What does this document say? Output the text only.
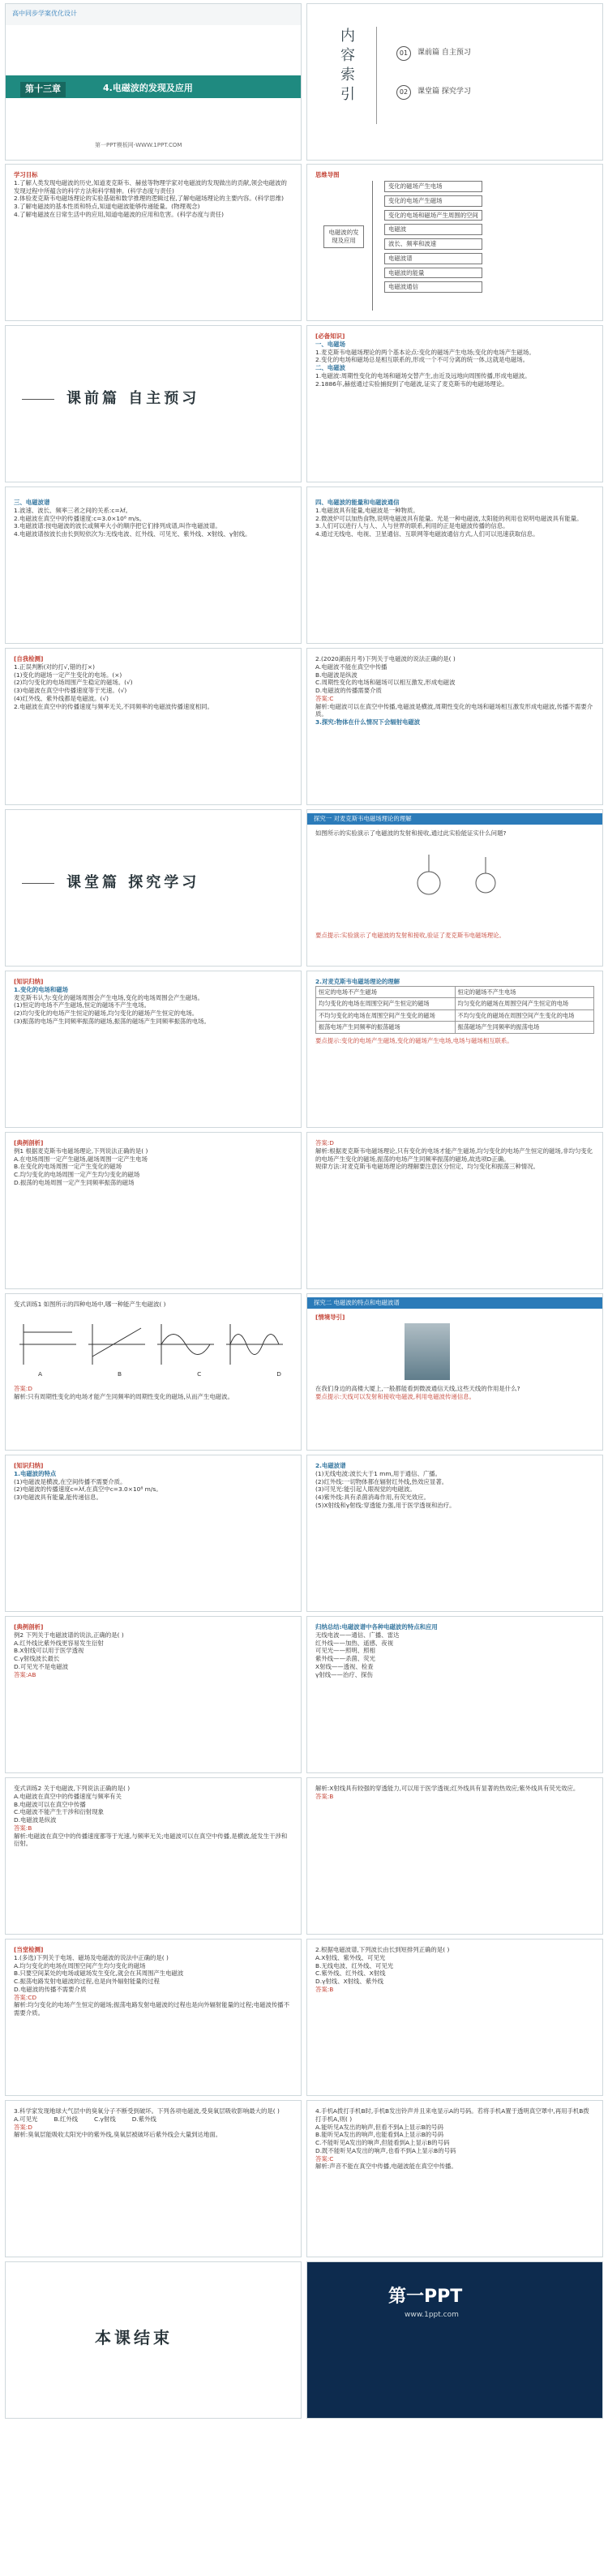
高中同步学案优化设计
第十三章	4.电磁波的发现及应用
第一PPT模板网-WWW.1PPT.COM
内
容
索
引
01	课前篇 自主预习
02	课堂篇 探究学习
学习目标
1.了解人类发现电磁波的历史,知道麦克斯韦、赫兹等物理学家对电磁波的发现做出的贡献,领会电磁波的发现过程中所蕴含的科学方法和科学精神。(科学态度与责任)
2.体验麦克斯韦电磁场理论的实验基础和数学推理的逻辑过程,了解电磁场理论的主要内容。(科学思维)
3.了解电磁波的基本性质和特点,知道电磁波能够传递能量。(物理观念)
4.了解电磁波在日常生活中的应用,知道电磁波的应用和危害。(科学态度与责任)
思维导图
电磁波的发现及应用
变化的磁场产生电场
变化的电场产生磁场
变化的电场和磁场产生周围的空间
电磁波
波长、频率和波速
电磁波谱
电磁波的能量
电磁波通信
课前篇 自主预习
[必备知识]
一、电磁场
1.麦克斯韦电磁场理论的两个基本论点:变化的磁场产生电场;变化的电场产生磁场。
2.变化的电场和磁场总是相互联系的,形成一个不可分离的统一体,这就是电磁场。
二、电磁波
1.电磁波:周期性变化的电场和磁场交替产生,由近及远地向周围传播,形成电磁波。
2.1886年,赫兹通过实验捕捉到了电磁波,证实了麦克斯韦的电磁场理论。
三、电磁波谱
1.波速、波长、频率三者之间的关系:c=λf。
2.电磁波在真空中的传播速度:c=3.0×10⁸ m/s。
3.电磁波谱:按电磁波的波长或频率大小的顺序把它们排列成谱,叫作电磁波谱。
4.电磁波谱按波长由长到短依次为:无线电波、红外线、可见光、紫外线、X射线、γ射线。
四、电磁波的能量和电磁波通信
1.电磁波具有能量,电磁波是一种物质。
2.微波炉可以加热食物,说明电磁波具有能量。光是一种电磁波,太阳能的利用也说明电磁波具有能量。
3.人们可以进行人与人、人与世界的联系,利用的正是电磁波传播的信息。
4.通过无线电、电视、卫星通信、互联网等电磁波通信方式,人们可以迅速获取信息。
[自我检测]
1.正误判断(对的打√,错的打×)
(1)变化的磁场一定产生变化的电场。(×)
(2)均匀变化的电场周围产生稳定的磁场。(√)
(3)电磁波在真空中传播速度等于光速。(√)
(4)红外线、紫外线都是电磁波。(√)
2.电磁波在真空中的传播速度与频率无关,不同频率的电磁波传播速度相同。
2.(2020湖南月考)下列关于电磁波的说法正确的是( )
A.电磁波不能在真空中传播
B.电磁波是纵波
C.周期性变化的电场和磁场可以相互激发,形成电磁波
D.电磁波的传播需要介质
答案:C
解析:电磁波可以在真空中传播,电磁波是横波,周期性变化的电场和磁场相互激发形成电磁波,传播不需要介质。
3.探究:物体在什么情况下会辐射电磁波
课堂篇 探究学习
探究一 对麦克斯韦电磁场理论的理解
如图所示的实验演示了电磁波的发射和接收,通过此实验能证实什么问题?
要点提示:实验演示了电磁波的发射和接收,验证了麦克斯韦电磁场理论。
[知识归纳]
1.变化的电场和磁场
麦克斯韦认为:变化的磁场周围会产生电场,变化的电场周围会产生磁场。
(1)恒定的电场不产生磁场,恒定的磁场不产生电场。
(2)均匀变化的电场产生恒定的磁场,均匀变化的磁场产生恒定的电场。
(3)振荡的电场产生同频率振荡的磁场,振荡的磁场产生同频率振荡的电场。
2.对麦克斯韦电磁场理论的理解
恒定的电场不产生磁场	恒定的磁场不产生电场
均匀变化的电场在周围空间产生恒定的磁场	均匀变化的磁场在周围空间产生恒定的电场
不均匀变化的电场在周围空间产生变化的磁场	不均匀变化的磁场在周围空间产生变化的电场
振荡电场产生同频率的振荡磁场	振荡磁场产生同频率的振荡电场
要点提示:变化的电场产生磁场,变化的磁场产生电场,电场与磁场相互联系。
[典例剖析]
例1 根据麦克斯韦电磁场理论,下列说法正确的是( )
A.在电场周围一定产生磁场,磁场周围一定产生电场
B.在变化的电场周围一定产生变化的磁场
C.均匀变化的电场周围一定产生均匀变化的磁场
D.振荡的电场周围一定产生同频率振荡的磁场
答案:D
解析:根据麦克斯韦电磁场理论,只有变化的电场才能产生磁场,均匀变化的电场产生恒定的磁场,非均匀变化的电场产生变化的磁场,振荡的电场产生同频率振荡的磁场,故选项D正确。
规律方法:对麦克斯韦电磁场理论的理解要注意区分恒定、均匀变化和振荡三种情况。
变式训练1 如图所示的四种电场中,哪一种能产生电磁波( )
A	B	C	D
答案:D
解析:只有周期性变化的电场才能产生同频率的周期性变化的磁场,从而产生电磁波。
探究二 电磁波的特点和电磁波谱
[情境导引]
在我们身边的高楼大厦上,一般都能看到微波通信天线,这些天线的作用是什么?
要点提示:天线可以发射和接收电磁波,利用电磁波传递信息。
[知识归纳]
1.电磁波的特点
(1)电磁波是横波,在空间传播不需要介质。
(2)电磁波的传播速度c=λf,在真空中c=3.0×10⁸ m/s。
(3)电磁波具有能量,能传递信息。
2.电磁波谱
(1)无线电波:波长大于1 mm,用于通信、广播。
(2)红外线:一切物体都在辐射红外线,热效应显著。
(3)可见光:能引起人眼视觉的电磁波。
(4)紫外线:具有杀菌消毒作用,有荧光效应。
(5)X射线和γ射线:穿透能力强,用于医学透视和治疗。
[典例剖析]
例2 下列关于电磁波谱的说法,正确的是( )
A.红外线比紫外线更容易发生衍射
B.X射线可以用于医学透视
C.γ射线波长最长
D.可见光不是电磁波
答案:AB
归纳总结:电磁波谱中各种电磁波的特点和应用
无线电波——通信、广播、雷达
红外线——加热、遥感、夜视
可见光——照明、照相
紫外线——杀菌、荧光
X射线——透视、检查
γ射线——治疗、探伤
变式训练2 关于电磁波,下列说法正确的是( )
A.电磁波在真空中的传播速度与频率有关
B.电磁波可以在真空中传播
C.电磁波不能产生干涉和衍射现象
D.电磁波是纵波
答案:B
解析:电磁波在真空中的传播速度都等于光速,与频率无关;电磁波可以在真空中传播,是横波,能发生干涉和衍射。
解析:X射线具有较强的穿透能力,可以用于医学透视;红外线具有显著的热效应;紫外线具有荧光效应。
答案:B
[当堂检测]
1.(多选)下列关于电场、磁场及电磁波的说法中正确的是( )
A.均匀变化的电场在周围空间产生均匀变化的磁场
B.只要空间某处的电场或磁场发生变化,就会在其周围产生电磁波
C.振荡电路发射电磁波的过程,也是向外辐射能量的过程
D.电磁波的传播不需要介质
答案:CD
解析:均匀变化的电场产生恒定的磁场;振荡电路发射电磁波的过程也是向外辐射能量的过程;电磁波传播不需要介质。
2.根据电磁波谱,下列波长由长到短排列正确的是( )
A.X射线、紫外线、可见光
B.无线电波、红外线、可见光
C.紫外线、红外线、X射线
D.γ射线、X射线、紫外线
答案:B
3.科学家发现地球大气层中的臭氧分子不断受到破坏。下列各项电磁波,受臭氧层吸收影响最大的是( )
A.可见光	B.红外线	C.γ射线	D.紫外线
答案:D
解析:臭氧层能吸收太阳光中的紫外线,臭氧层被破坏后紫外线会大量到达地面。
4.手机A拨打手机B时,手机B发出铃声并且来电显示A的号码。若将手机A置于透明真空罩中,再用手机B拨打手机A,则( )
A.能听见A发出的响声,但看不到A上显示B的号码
B.能听见A发出的响声,也能看到A上显示B的号码
C.不能听见A发出的响声,但能看到A上显示B的号码
D.既不能听见A发出的响声,也看不到A上显示B的号码
答案:C
解析:声音不能在真空中传播,电磁波能在真空中传播。
本课结束
第一PPT
www.1ppt.com
